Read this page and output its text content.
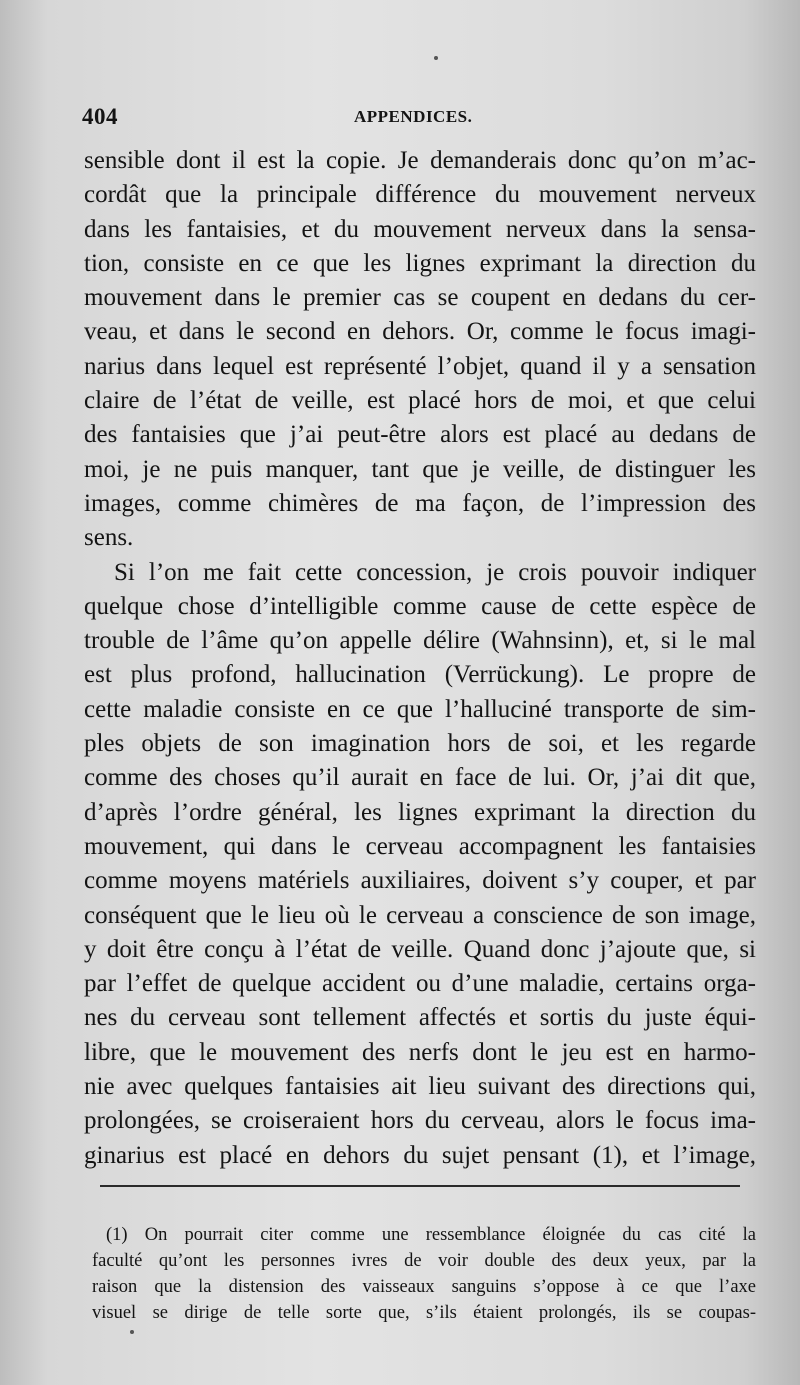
404	APPENDICES.
sensible dont il est la copie. Je demanderais donc qu’on m’ac-
cordât que la principale différence du mouvement nerveux
dans les fantaisies, et du mouvement nerveux dans la sensa-
tion, consiste en ce que les lignes exprimant la direction du
mouvement dans le premier cas se coupent en dedans du cer-
veau, et dans le second en dehors. Or, comme le focus imagi-
narius dans lequel est représenté l’objet, quand il y a sensation
claire de l’état de veille, est placé hors de moi, et que celui
des fantaisies que j’ai peut-être alors est placé au dedans de
moi, je ne puis manquer, tant que je veille, de distinguer les
images, comme chimères de ma façon, de l’impression des
sens.
Si l’on me fait cette concession, je crois pouvoir indiquer
quelque chose d’intelligible comme cause de cette espèce de
trouble de l’âme qu’on appelle délire (Wahnsinn), et, si le mal
est plus profond, hallucination (Verrückung). Le propre de
cette maladie consiste en ce que l’halluciné transporte de sim-
ples objets de son imagination hors de soi, et les regarde
comme des choses qu’il aurait en face de lui. Or, j’ai dit que,
d’après l’ordre général, les lignes exprimant la direction du
mouvement, qui dans le cerveau accompagnent les fantaisies
comme moyens matériels auxiliaires, doivent s’y couper, et par
conséquent que le lieu où le cerveau a conscience de son image,
y doit être conçu à l’état de veille. Quand donc j’ajoute que, si
par l’effet de quelque accident ou d’une maladie, certains orga-
nes du cerveau sont tellement affectés et sortis du juste équi-
libre, que le mouvement des nerfs dont le jeu est en harmo-
nie avec quelques fantaisies ait lieu suivant des directions qui,
prolongées, se croiseraient hors du cerveau, alors le focus ima-
ginarius est placé en dehors du sujet pensant (1), et l’image,
(1) On pourrait citer comme une ressemblance éloignée du cas cité la
faculté qu’ont les personnes ivres de voir double des deux yeux, par la
raison que la distension des vaisseaux sanguins s’oppose à ce que l’axe
visuel se dirige de telle sorte que, s’ils étaient prolongés, ils se coupas-
